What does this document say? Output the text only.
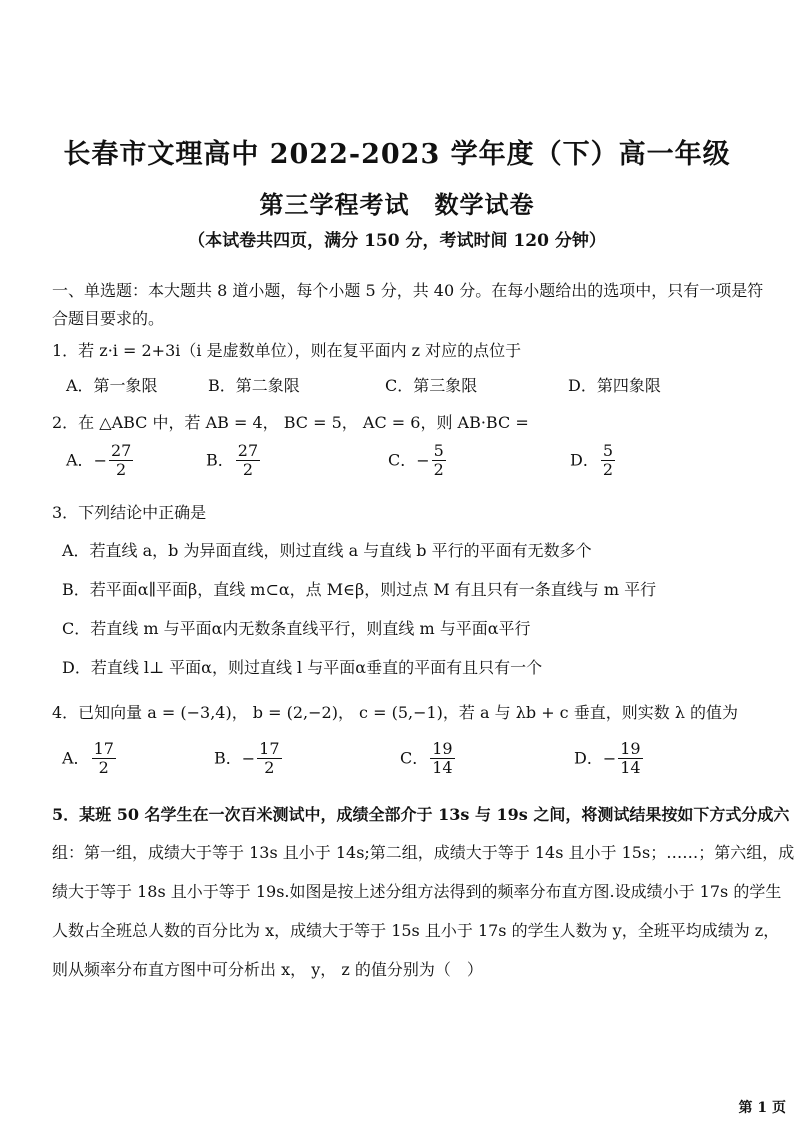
长春市文理高中 2022-2023 学年度（下）高一年级
第三学程考试　数学试卷
（本试卷共四页，满分 150 分，考试时间 120 分钟）
一、单选题：本大题共 8 道小题，每个小题 5 分，共 40 分。在每小题给出的选项中，只有一项是符
合题目要求的。
1．若 z·i = 2+3i（i 是虚数单位），则在复平面内 z 对应的点位于
A．第一象限	B．第二象限	C．第三象限	D．第四象限
2．在 △ABC 中，若 AB = 4， BC = 5， AC = 6，则 AB·BC =
A．− $\frac{27}{2}$	B． $\frac{27}{2}$	C．− $\frac{5}{2}$	D． $\frac{5}{2}$
3．下列结论中正确是
A．若直线 a，b 为异面直线，则过直线 a 与直线 b 平行的平面有无数多个
B．若平面α∥平面β，直线 m⊂α，点 M∈β，则过点 M 有且只有一条直线与 m 平行
C．若直线 m 与平面α内无数条直线平行，则直线 m 与平面α平行
D．若直线 l⊥ 平面α，则过直线 l 与平面α垂直的平面有且只有一个
4．已知向量 a = (−3,4)， b = (2,−2)， c = (5,−1)，若 a 与 λb + c 垂直，则实数 λ 的值为
A． $\frac{17}{2}$	B．− $\frac{17}{2}$	C． $\frac{19}{14}$	D．− $\frac{19}{14}$
5．某班 50 名学生在一次百米测试中，成绩全部介于 13s 与 19s 之间，将测试结果按如下方式分成六
组：第一组，成绩大于等于 13s 且小于 14s;第二组，成绩大于等于 14s 且小于 15s；……；第六组，成
绩大于等于 18s 且小于等于 19s.如图是按上述分组方法得到的频率分布直方图.设成绩小于 17s 的学生
人数占全班总人数的百分比为 x，成绩大于等于 15s 且小于 17s 的学生人数为 y，全班平均成绩为 z，
则从频率分布直方图中可分析出 x， y， z 的值分别为（　）
第 1 页
